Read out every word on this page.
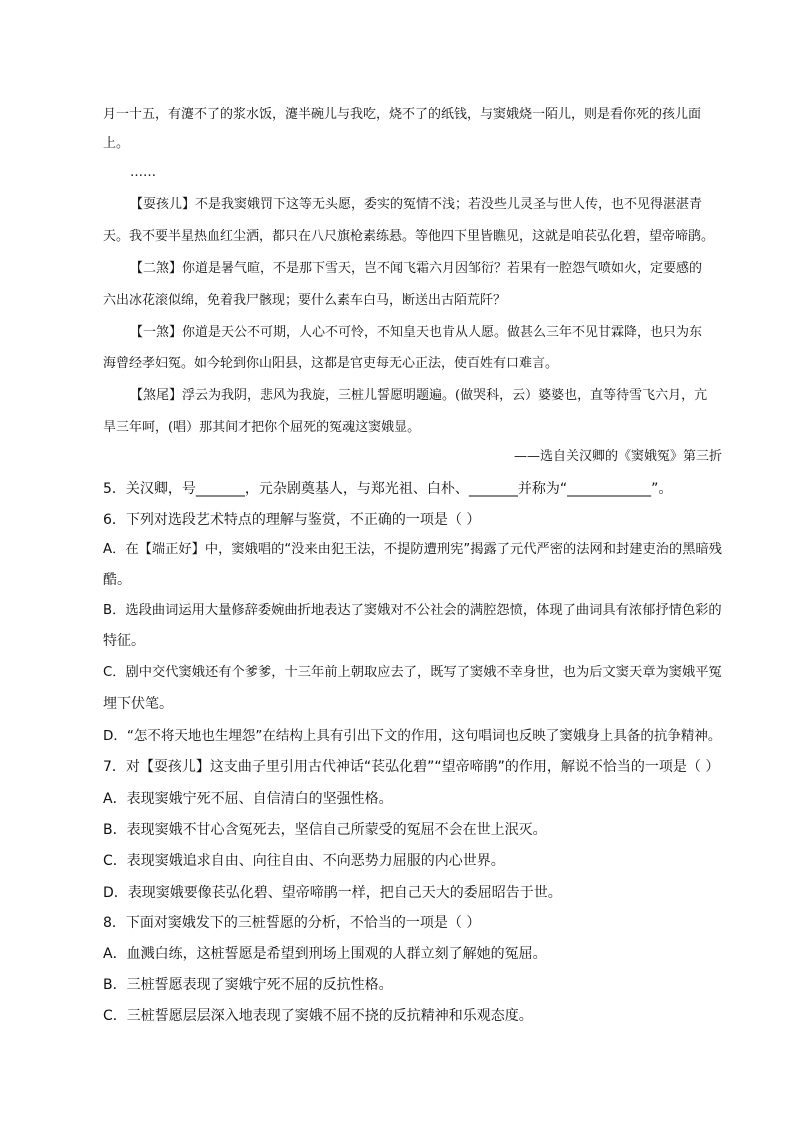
月一十五，有瀽不了的浆水饭，瀽半碗儿与我吃，烧不了的纸钱，与窦娥烧一陌儿，则是看你死的孩儿面
上。
……
【耍孩儿】不是我窦娥罚下这等无头愿，委实的冤情不浅；若没些儿灵圣与世人传，也不见得湛湛青
天。我不要半星热血红尘洒，都只在八尺旗枪素练悬。等他四下里皆瞧见，这就是咱苌弘化碧，望帝啼鹃。
【二煞】你道是暑气暄，不是那下雪天，岂不闻飞霜六月因邹衍？若果有一腔怨气喷如火，定要感的
六出冰花滚似绵，免着我尸骸现；要什么素车白马，断送出古陌荒阡？
【一煞】你道是天公不可期，人心不可怜，不知皇天也肯从人愿。做甚么三年不见甘霖降，也只为东
海曾经孝妇冤。如今轮到你山阳县，这都是官吏每无心正法，使百姓有口难言。
【煞尾】浮云为我阴，悲风为我旋，三桩儿誓愿明题遍。(做哭科，云）婆婆也，直等待雪飞六月，亢
旱三年呵，(唱）那其间才把你个屈死的冤魂这窦娥显。
——选自关汉卿的《窦娥冤》第三折
5．关汉卿，号_______，元杂剧奠基人，与郑光祖、白朴、_______并称为“____________”。
6．下列对选段艺术特点的理解与鉴赏，不正确的一项是（ ）
A．在【端正好】中，窦娥唱的“没来由犯王法，不提防遭刑宪”揭露了元代严密的法网和封建吏治的黑暗残
酷。
B．选段曲词运用大量修辞委婉曲折地表达了窦娥对不公社会的满腔怨愤，体现了曲词具有浓郁抒情色彩的
特征。
C．剧中交代窦娥还有个爹爹，十三年前上朝取应去了，既写了窦娥不幸身世，也为后文窦天章为窦娥平冤
埋下伏笔。
D．“怎不将天地也生埋怨”在结构上具有引出下文的作用，这句唱词也反映了窦娥身上具备的抗争精神。
7．对【耍孩儿】这支曲子里引用古代神话“苌弘化碧”“望帝啼鹃”的作用，解说不恰当的一项是（ ）
A．表现窦娥宁死不屈、自信清白的坚强性格。
B．表现窦娥不甘心含冤死去，坚信自己所蒙受的冤屈不会在世上泯灭。
C．表现窦娥追求自由、向往自由、不向恶势力屈服的内心世界。
D．表现窦娥要像苌弘化碧、望帝啼鹃一样，把自己天大的委屈昭告于世。
8．下面对窦娥发下的三桩誓愿的分析，不恰当的一项是（ ）
A．血溅白练，这桩誓愿是希望到刑场上围观的人群立刻了解她的冤屈。
B．三桩誓愿表现了窦娥宁死不屈的反抗性格。
C．三桩誓愿层层深入地表现了窦娥不屈不挠的反抗精神和乐观态度。
